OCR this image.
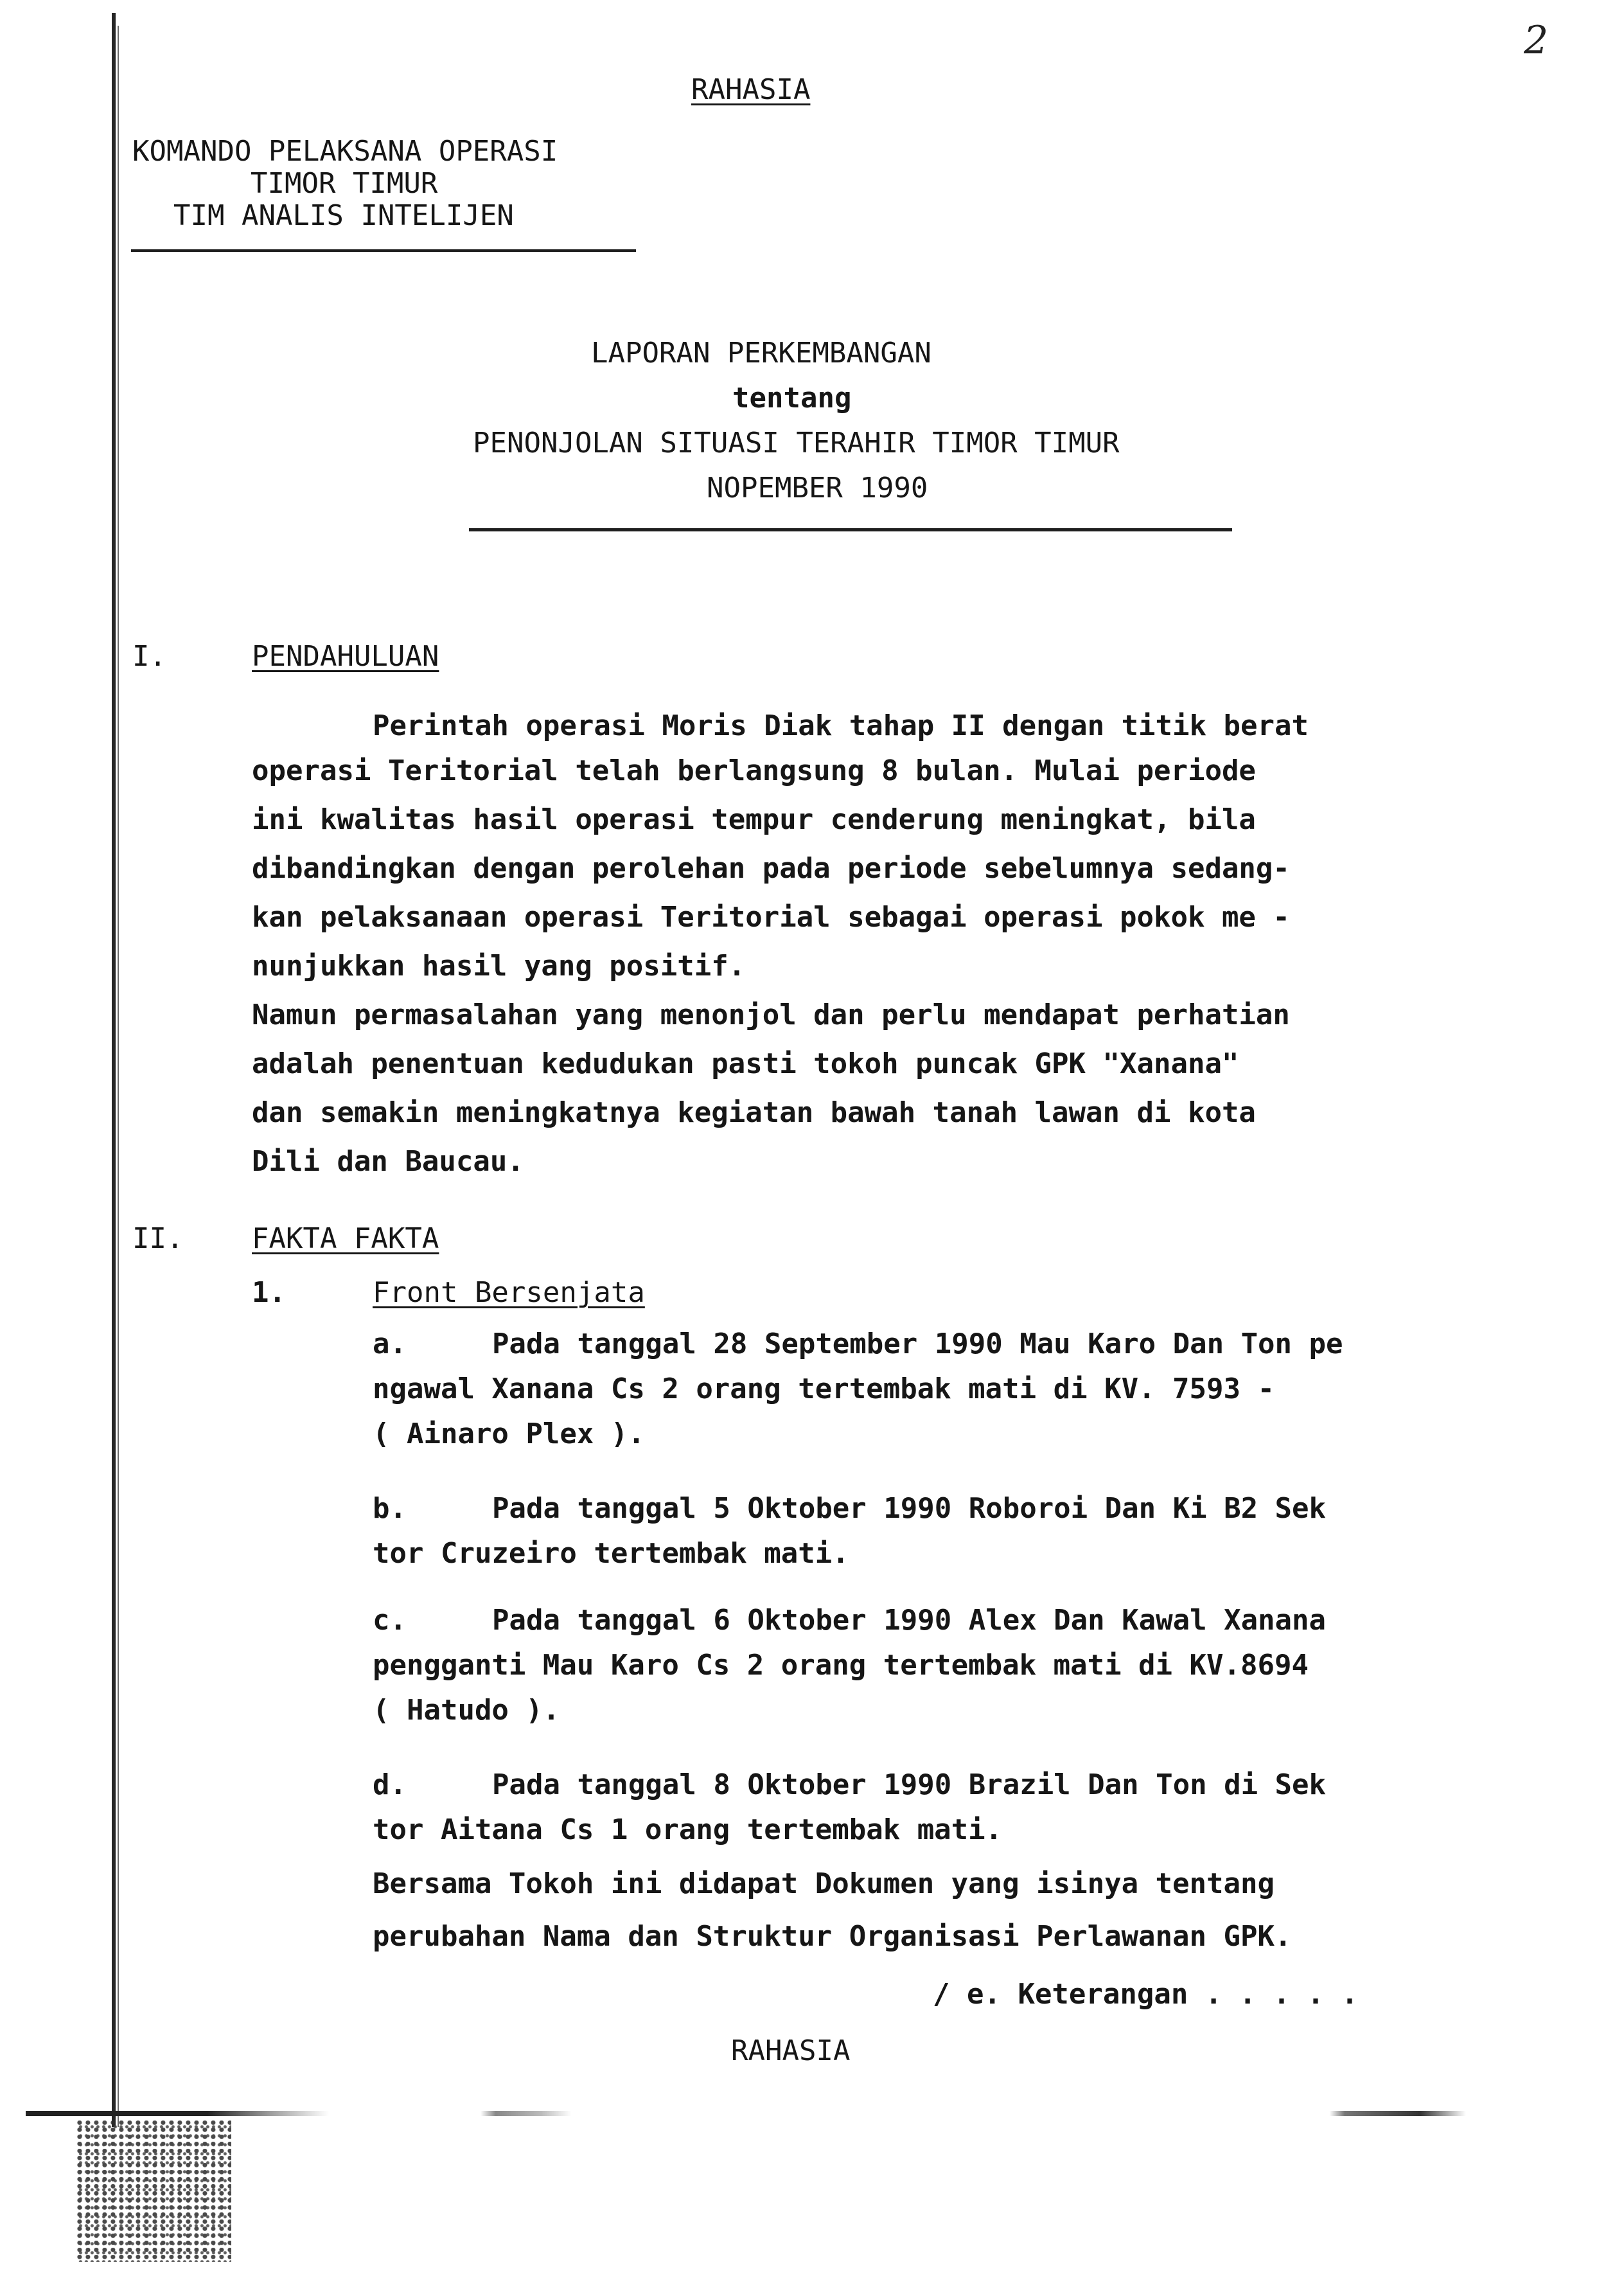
2
RAHASIA
KOMANDO PELAKSANA OPERASI
TIMOR TIMUR
TIM ANALIS INTELIJEN
LAPORAN PERKEMBANGAN
tentang
PENONJOLAN SITUASI TERAHIR TIMOR TIMUR
NOPEMBER 1990
I.	PENDAHULUAN
Perintah operasi Moris Diak tahap II dengan titik berat
operasi Teritorial telah berlangsung 8 bulan. Mulai periode
ini kwalitas hasil operasi tempur cenderung meningkat, bila
dibandingkan dengan perolehan pada periode sebelumnya sedang-
kan pelaksanaan operasi Teritorial sebagai operasi pokok me -
nunjukkan hasil yang positif.
Namun permasalahan yang menonjol dan perlu mendapat perhatian
adalah penentuan kedudukan pasti tokoh puncak GPK "Xanana"
dan semakin meningkatnya kegiatan bawah tanah lawan di kota
Dili dan Baucau.
II. FAKTA FAKTA
1.	Front Bersenjata
a.	Pada tanggal 28 September 1990 Mau Karo Dan Ton pe
ngawal Xanana Cs 2 orang tertembak mati di KV. 7593 -
( Ainaro Plex ).
b.	Pada tanggal 5 Oktober 1990 Roboroi Dan Ki B2 Sek
tor Cruzeiro tertembak mati.
c.	Pada tanggal 6 Oktober 1990 Alex Dan Kawal Xanana
pengganti Mau Karo Cs 2 orang tertembak mati di KV.8694
( Hatudo ).
d.	Pada tanggal 8 Oktober 1990 Brazil Dan Ton di Sek
tor Aitana Cs 1 orang tertembak mati.
Bersama Tokoh ini didapat Dokumen yang isinya tentang
perubahan Nama dan Struktur Organisasi Perlawanan GPK.
/ e. Keterangan . . . . .
RAHASIA
